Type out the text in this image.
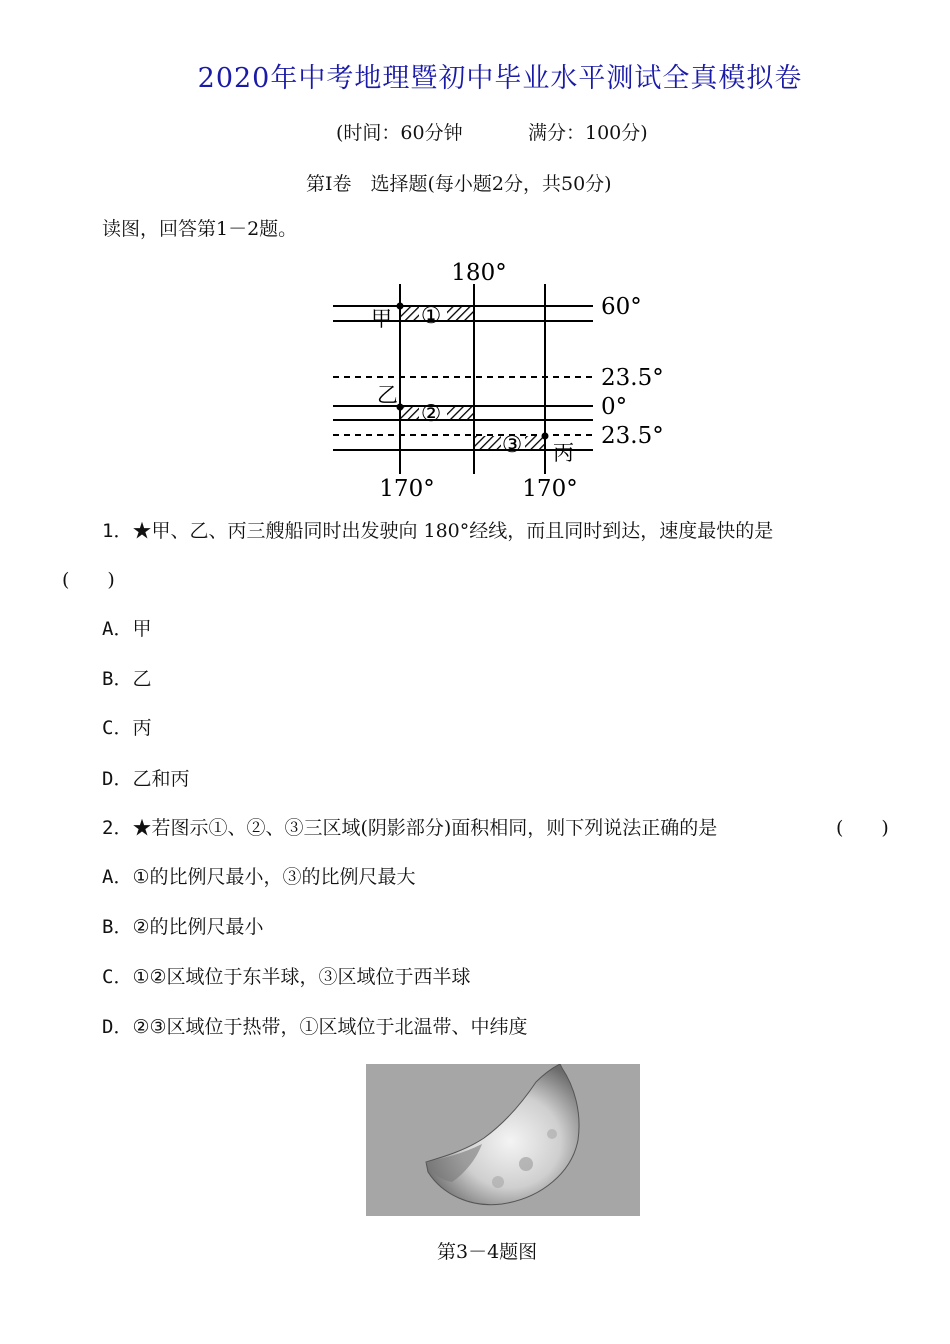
2020年中考地理暨初中毕业水平测试全真模拟卷
(时间：60分钟	满分：100分)
第Ⅰ卷　选择题(每小题2分，共50分)
读图，回答第1－2题。
①
②
③
甲
乙
丙
180°
170°	170°
60°
23.5°
0°
23.5°
1．★甲、乙、丙三艘船同时出发驶向 180°经线，而且同时到达，速度最快的是
(　　)
A．甲
B．乙
C．丙
D．乙和丙
2．★若图示①、②、③三区域(阴影部分)面积相同，则下列说法正确的是	(　　)
A．①的比例尺最小，③的比例尺最大
B．②的比例尺最小
C．①②区域位于东半球，③区域位于西半球
D．②③区域位于热带，①区域位于北温带、中纬度
第3－4题图
